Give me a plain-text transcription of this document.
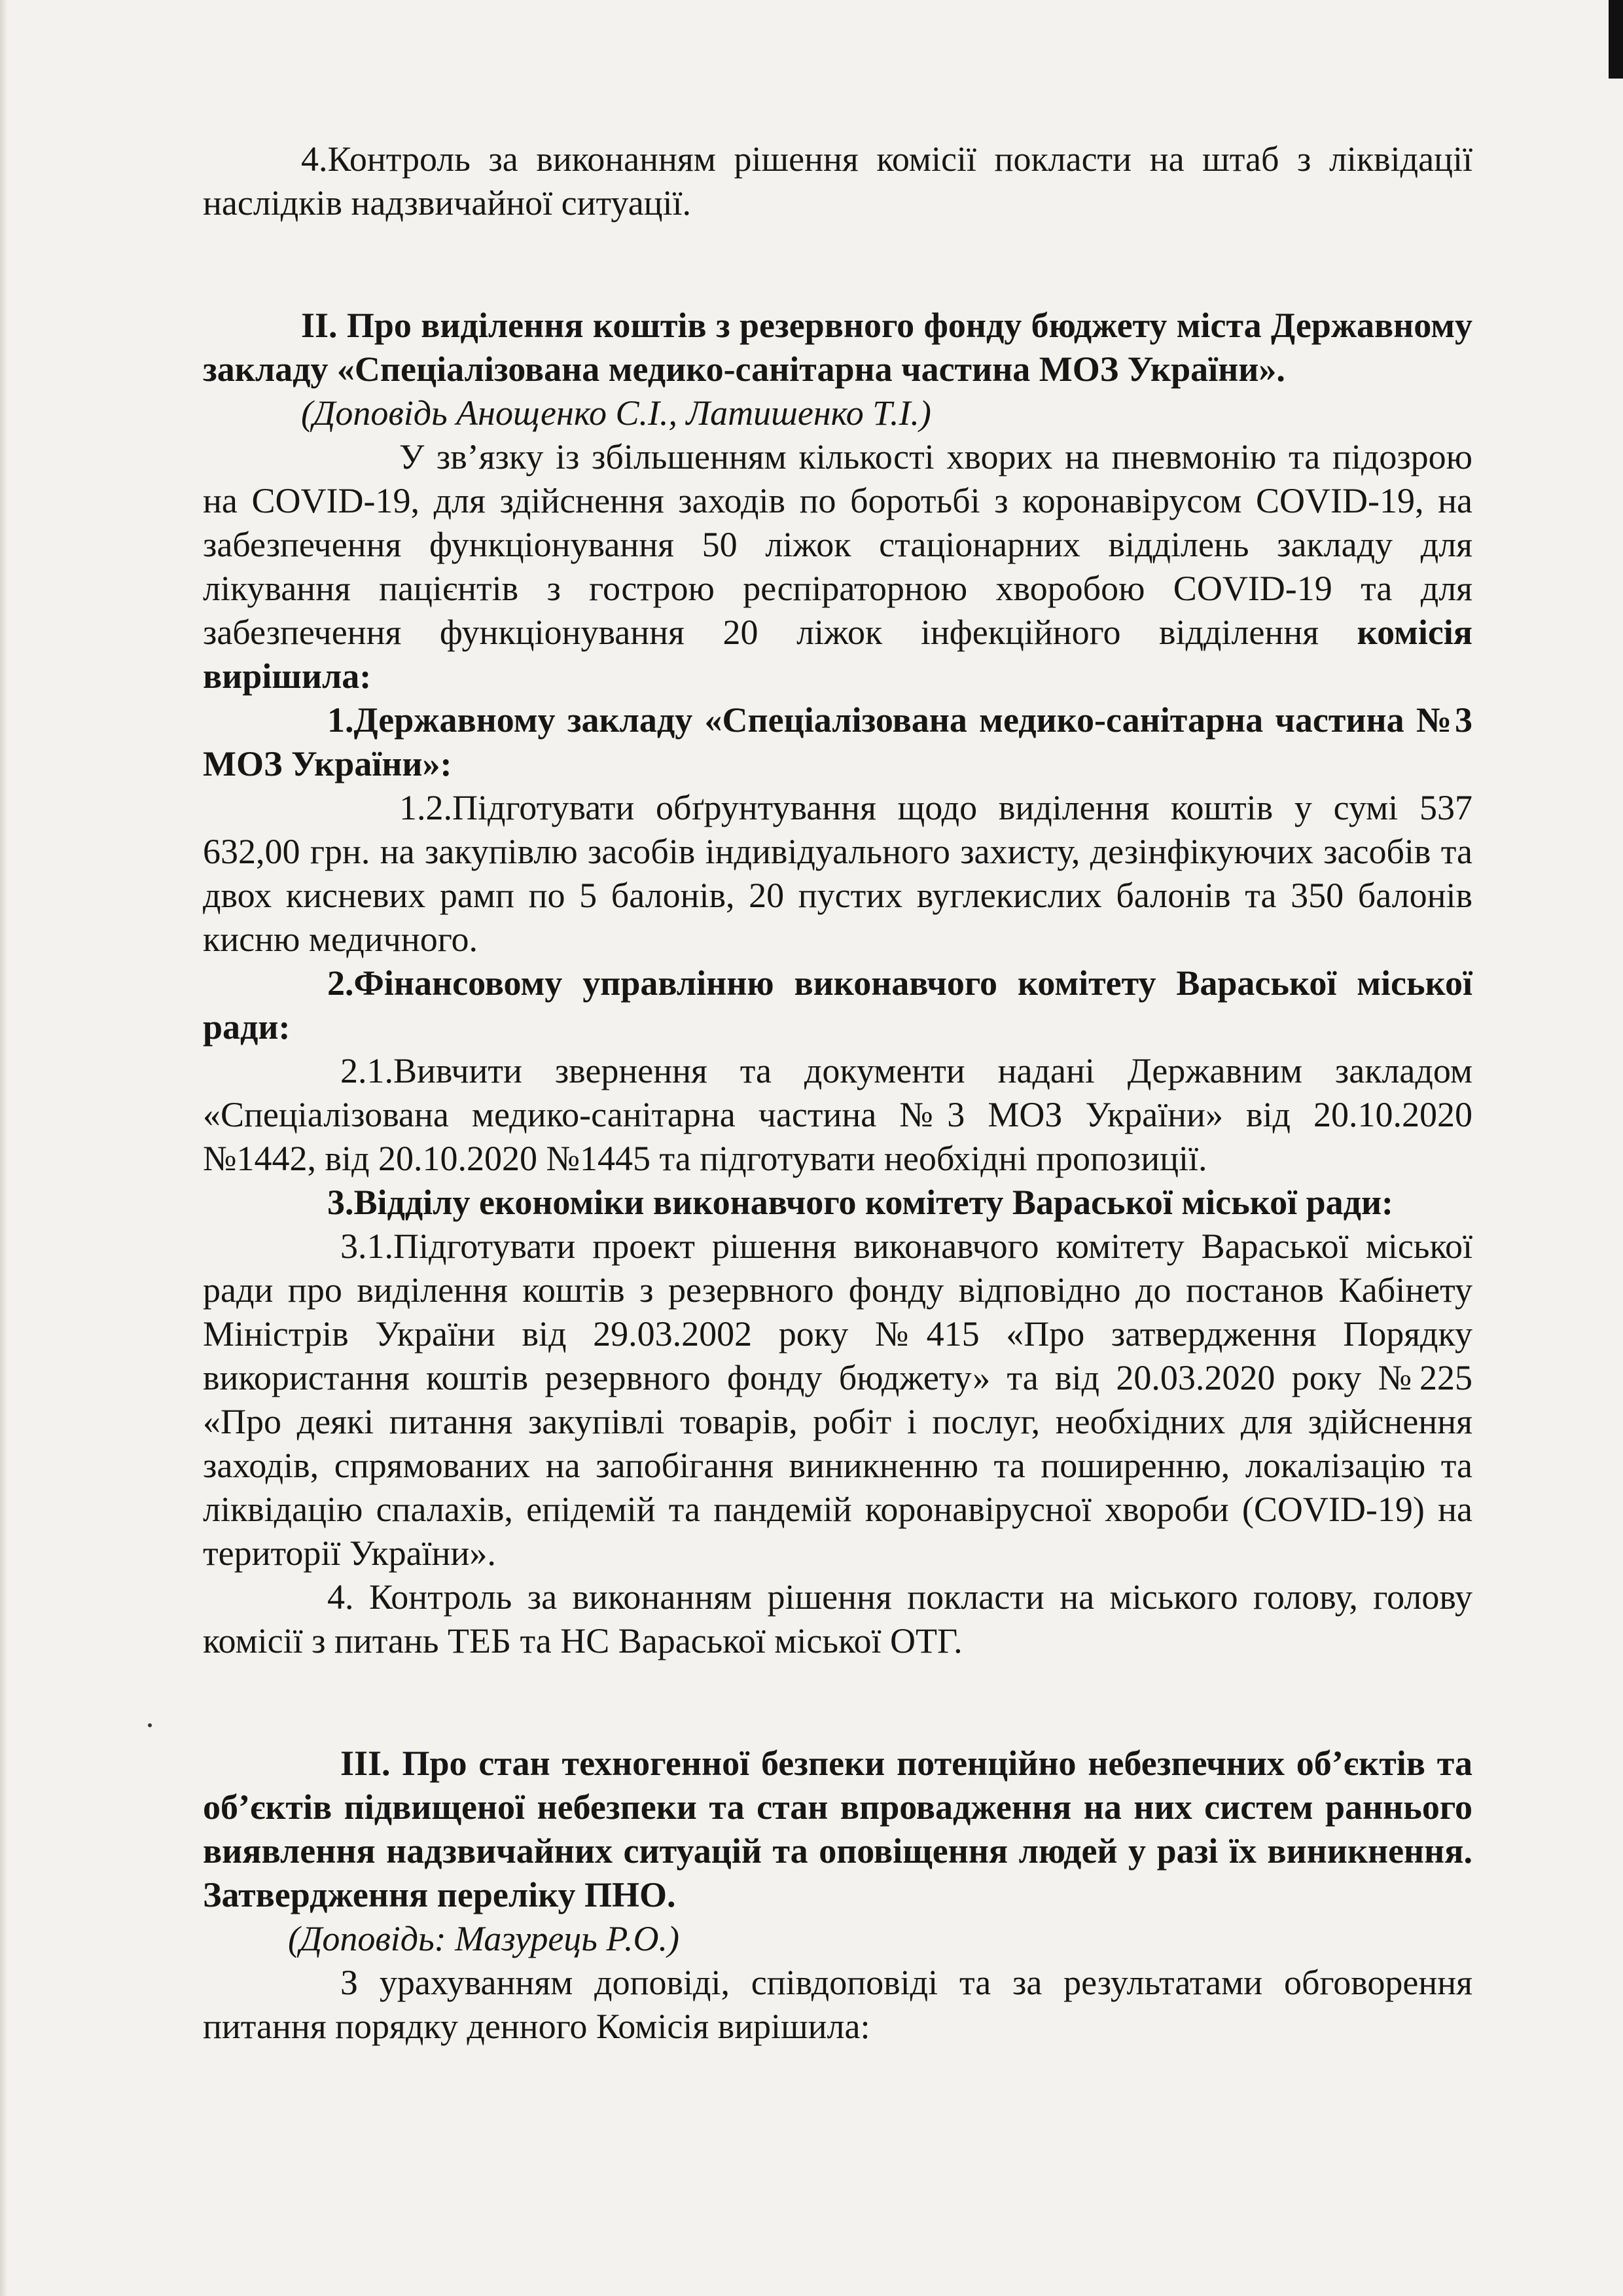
4.Контроль за виконанням рішення комісії покласти на штаб з ліквідації наслідків надзвичайної ситуації.

II. Про виділення коштів з резервного фонду бюджету міста Державному закладу «Спеціалізована медико-санітарна частина МОЗ України».

(Доповідь Анощенко С.І., Латишенко Т.І.)

У зв’язку із збільшенням кількості хворих на пневмонію та підозрою на COVID-19, для здійснення заходів по боротьбі з коронавірусом COVID-19, на забезпечення функціонування 50 ліжок стаціонарних відділень закладу для лікування пацієнтів з гострою респіраторною хворобою COVID-19 та для забезпечення функціонування 20 ліжок інфекційного відділення комісія вирішила:

1.Державному закладу «Спеціалізована медико-санітарна частина №3 МОЗ України»:

1.2.Підготувати обґрунтування щодо виділення коштів у сумі 537 632,00 грн. на закупівлю засобів індивідуального захисту, дезінфікуючих засобів та двох кисневих рамп по 5 балонів, 20 пустих вуглекислих балонів та 350 балонів кисню медичного.

2.Фінансовому управлінню виконавчого комітету Вараської міської ради:

2.1.Вивчити звернення та документи надані Державним закладом «Спеціалізована медико-санітарна частина №3 МОЗ України» від 20.10.2020 №1442, від 20.10.2020 №1445 та підготувати необхідні пропозиції.

3.Відділу економіки виконавчого комітету Вараської міської ради:

3.1.Підготувати проект рішення виконавчого комітету Вараської міської ради про виділення коштів з резервного фонду відповідно до постанов Кабінету Міністрів України від 29.03.2002 року №415 «Про затвердження Порядку використання коштів резервного фонду бюджету» та від 20.03.2020 року №225 «Про деякі питання закупівлі товарів, робіт і послуг, необхідних для здійснення заходів, спрямованих на запобігання виникненню та поширенню, локалізацію та ліквідацію спалахів, епідемій та пандемій коронавірусної хвороби (COVID-19) на території України».

4. Контроль за виконанням рішення покласти на міського голову, голову комісії з питань ТЕБ та НС Вараської міської ОТГ.

III. Про стан техногенної безпеки потенційно небезпечних об’єктів та об’єктів підвищеної небезпеки та стан впровадження на них систем раннього виявлення надзвичайних ситуацій та оповіщення людей у разі їх виникнення. Затвердження переліку ПНО.

(Доповідь: Мазурець Р.О.)

З урахуванням доповіді, співдоповіді та за результатами обговорення питання порядку денного Комісія вирішила:
